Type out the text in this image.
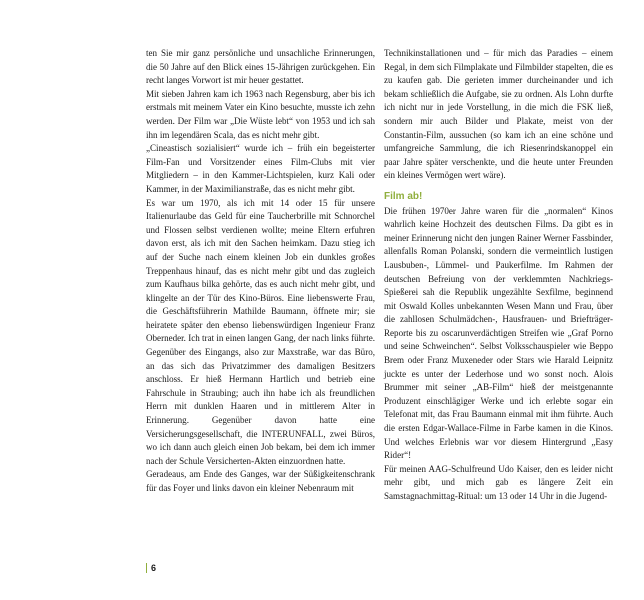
ten Sie mir ganz persönliche und unsachliche Erinnerungen, die 50 Jahre auf den Blick eines 15-Jährigen zurückgehen. Ein recht langes Vorwort ist mir heuer gestattet.
Mit sieben Jahren kam ich 1963 nach Regensburg, aber bis ich erstmals mit meinem Vater ein Kino besuchte, musste ich zehn werden. Der Film war „Die Wüste lebt“ von 1953 und ich sah ihn im legendären Scala, das es nicht mehr gibt.

„Cineastisch sozialisiert“ wurde ich – früh ein begeisterter Film-Fan und Vorsitzender eines Film-Clubs mit vier Mitgliedern – in den Kammer-Lichtspielen, kurz Kali oder Kammer, in der Maximilianstraße, das es nicht mehr gibt.
Es war um 1970, als ich mit 14 oder 15 für unsere Italienurlaube das Geld für eine Taucherbrille mit Schnorchel und Flossen selbst verdienen wollte; meine Eltern erfuhren davon erst, als ich mit den Sachen heimkam. Dazu stieg ich auf der Suche nach einem kleinen Job ein dunkles großes Treppenhaus hinauf, das es nicht mehr gibt und das zugleich zum Kaufhaus bilka gehörte, das es auch nicht mehr gibt, und klingelte an der Tür des Kino-Büros. Eine liebenswerte Frau, die Geschäftsführerin Mathilde Baumann, öffnete mir; sie heiratete später den ebenso liebenswürdigen Ingenieur Franz Oberneder. Ich trat in einen langen Gang, der nach links führte. Gegenüber des Eingangs, also zur Maxstraße, war das Büro, an das sich das Privatzimmer des damaligen Besitzers anschloss. Er hieß Hermann Hartlich und betrieb eine Fahrschule in Straubing; auch ihn habe ich als freundlichen Herrn mit dunklen Haaren und in mittlerem Alter in Erinnerung. Gegenüber davon hatte eine Versicherungsgesellschaft, die INTERUNFALL, zwei Büros, wo ich dann auch gleich einen Job bekam, bei dem ich immer nach der Schule Versicherten-Akten einzuordnen hatte.
Geradeaus, am Ende des Ganges, war der Süßigkeitenschrank für das Foyer und links davon ein kleiner Nebenraum mit

Technikinstallationen und – für mich das Paradies – einem Regal, in dem sich Filmplakate und Filmbilder stapelten, die es zu kaufen gab. Die gerieten immer durcheinander und ich bekam schließlich die Aufgabe, sie zu ordnen. Als Lohn durfte ich nicht nur in jede Vorstellung, in die mich die FSK ließ, sondern mir auch Bilder und Plakate, meist von der Constantin-Film, aussuchen (so kam ich an eine schöne und umfangreiche Sammlung, die ich Riesenrindskanoppel ein paar Jahre später verschenkte, und die heute unter Freunden ein kleines Vermögen wert wäre).

Film ab!

Die frühen 1970er Jahre waren für die „normalen“ Kinos wahrlich keine Hochzeit des deutschen Films. Da gibt es in meiner Erinnerung nicht den jungen Rainer Werner Fassbinder, allenfalls Roman Polanski, sondern die vermeintlich lustigen Lausbuben-, Lümmel- und Paukerfilme. Im Rahmen der deutschen Befreiung von der verklemmten Nachkriegs-Spießerei sah die Republik ungezählte Sexfilme, beginnend mit Oswald Kolles unbekannten Wesen Mann und Frau, über die zahllosen Schulmädchen-, Hausfrauen- und Briefträger-Reporte bis zu oscarunverdächtigen Streifen wie „Graf Porno und seine Schweinchen“. Selbst Volksschauspieler wie Beppo Brem oder Franz Muxeneder oder Stars wie Harald Leipnitz juckte es unter der Lederhose und wo sonst noch. Alois Brummer mit seiner „AB-Film“ hieß der meistgenannte Produzent einschlägiger Werke und ich erlebte sogar ein Telefonat mit, das Frau Baumann einmal mit ihm führte. Auch die ersten Edgar-Wallace-Filme in Farbe kamen in die Kinos. Und welches Erlebnis war vor diesem Hintergrund „Easy Rider“!

Für meinen AAG-Schulfreund Udo Kaiser, den es leider nicht mehr gibt, und mich gab es längere Zeit ein Samstagnachmittag-Ritual: um 13 oder 14 Uhr in die Jugend-

6
